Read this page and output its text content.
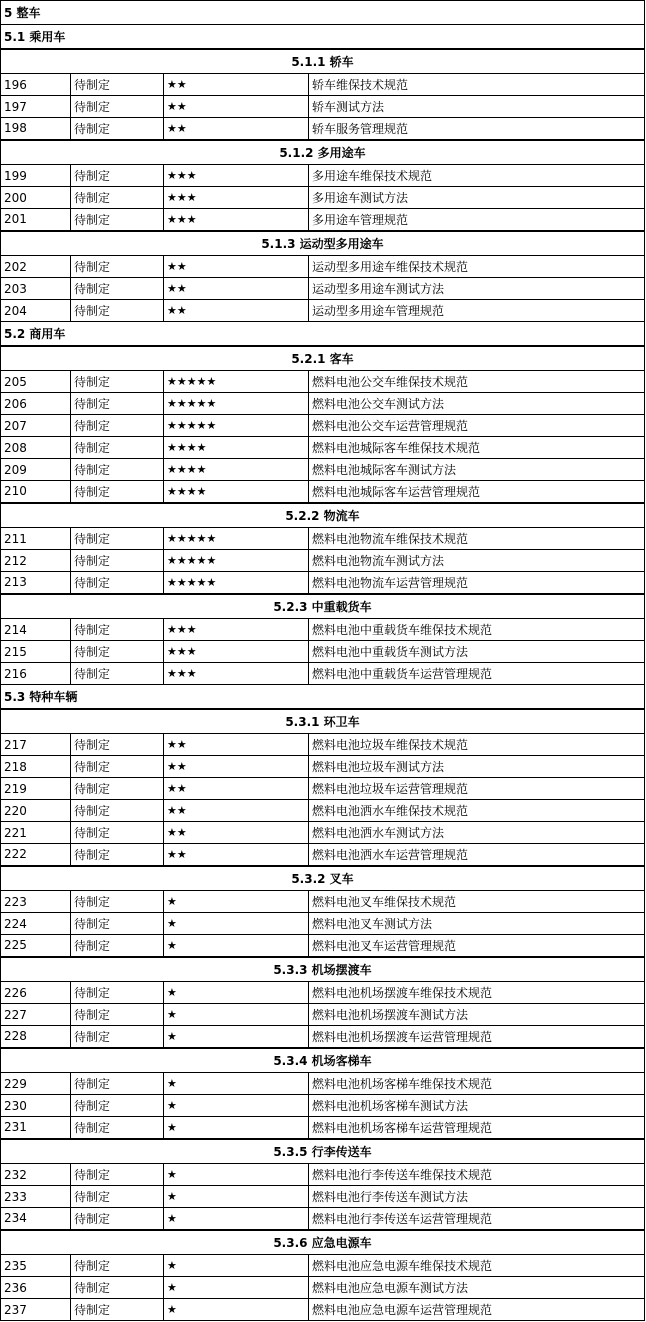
5 整车			
5.1 乘用车			
5.1.1 轿车			
196	待制定	★★	轿车维保技术规范
197	待制定	★★	轿车测试方法
198	待制定	★★	轿车服务管理规范
5.1.2 多用途车			
199	待制定	★★★	多用途车维保技术规范
200	待制定	★★★	多用途车测试方法
201	待制定	★★★	多用途车管理规范
5.1.3 运动型多用途车			
202	待制定	★★	运动型多用途车维保技术规范
203	待制定	★★	运动型多用途车测试方法
204	待制定	★★	运动型多用途车管理规范
5.2 商用车			
5.2.1 客车			
205	待制定	★★★★★	燃料电池公交车维保技术规范
206	待制定	★★★★★	燃料电池公交车测试方法
207	待制定	★★★★★	燃料电池公交车运营管理规范
208	待制定	★★★★	燃料电池城际客车维保技术规范
209	待制定	★★★★	燃料电池城际客车测试方法
210	待制定	★★★★	燃料电池城际客车运营管理规范
5.2.2 物流车			
211	待制定	★★★★★	燃料电池物流车维保技术规范
212	待制定	★★★★★	燃料电池物流车测试方法
213	待制定	★★★★★	燃料电池物流车运营管理规范
5.2.3 中重载货车			
214	待制定	★★★	燃料电池中重载货车维保技术规范
215	待制定	★★★	燃料电池中重载货车测试方法
216	待制定	★★★	燃料电池中重载货车运营管理规范
5.3 特种车辆			
5.3.1 环卫车			
217	待制定	★★	燃料电池垃圾车维保技术规范
218	待制定	★★	燃料电池垃圾车测试方法
219	待制定	★★	燃料电池垃圾车运营管理规范
220	待制定	★★	燃料电池洒水车维保技术规范
221	待制定	★★	燃料电池洒水车测试方法
222	待制定	★★	燃料电池洒水车运营管理规范
5.3.2 叉车			
223	待制定	★	燃料电池叉车维保技术规范
224	待制定	★	燃料电池叉车测试方法
225	待制定	★	燃料电池叉车运营管理规范
5.3.3 机场摆渡车			
226	待制定	★	燃料电池机场摆渡车维保技术规范
227	待制定	★	燃料电池机场摆渡车测试方法
228	待制定	★	燃料电池机场摆渡车运营管理规范
5.3.4 机场客梯车			
229	待制定	★	燃料电池机场客梯车维保技术规范
230	待制定	★	燃料电池机场客梯车测试方法
231	待制定	★	燃料电池机场客梯车运营管理规范
5.3.5 行李传送车			
232	待制定	★	燃料电池行李传送车维保技术规范
233	待制定	★	燃料电池行李传送车测试方法
234	待制定	★	燃料电池行李传送车运营管理规范
5.3.6 应急电源车			
235	待制定	★	燃料电池应急电源车维保技术规范
236	待制定	★	燃料电池应急电源车测试方法
237	待制定	★	燃料电池应急电源车运营管理规范
